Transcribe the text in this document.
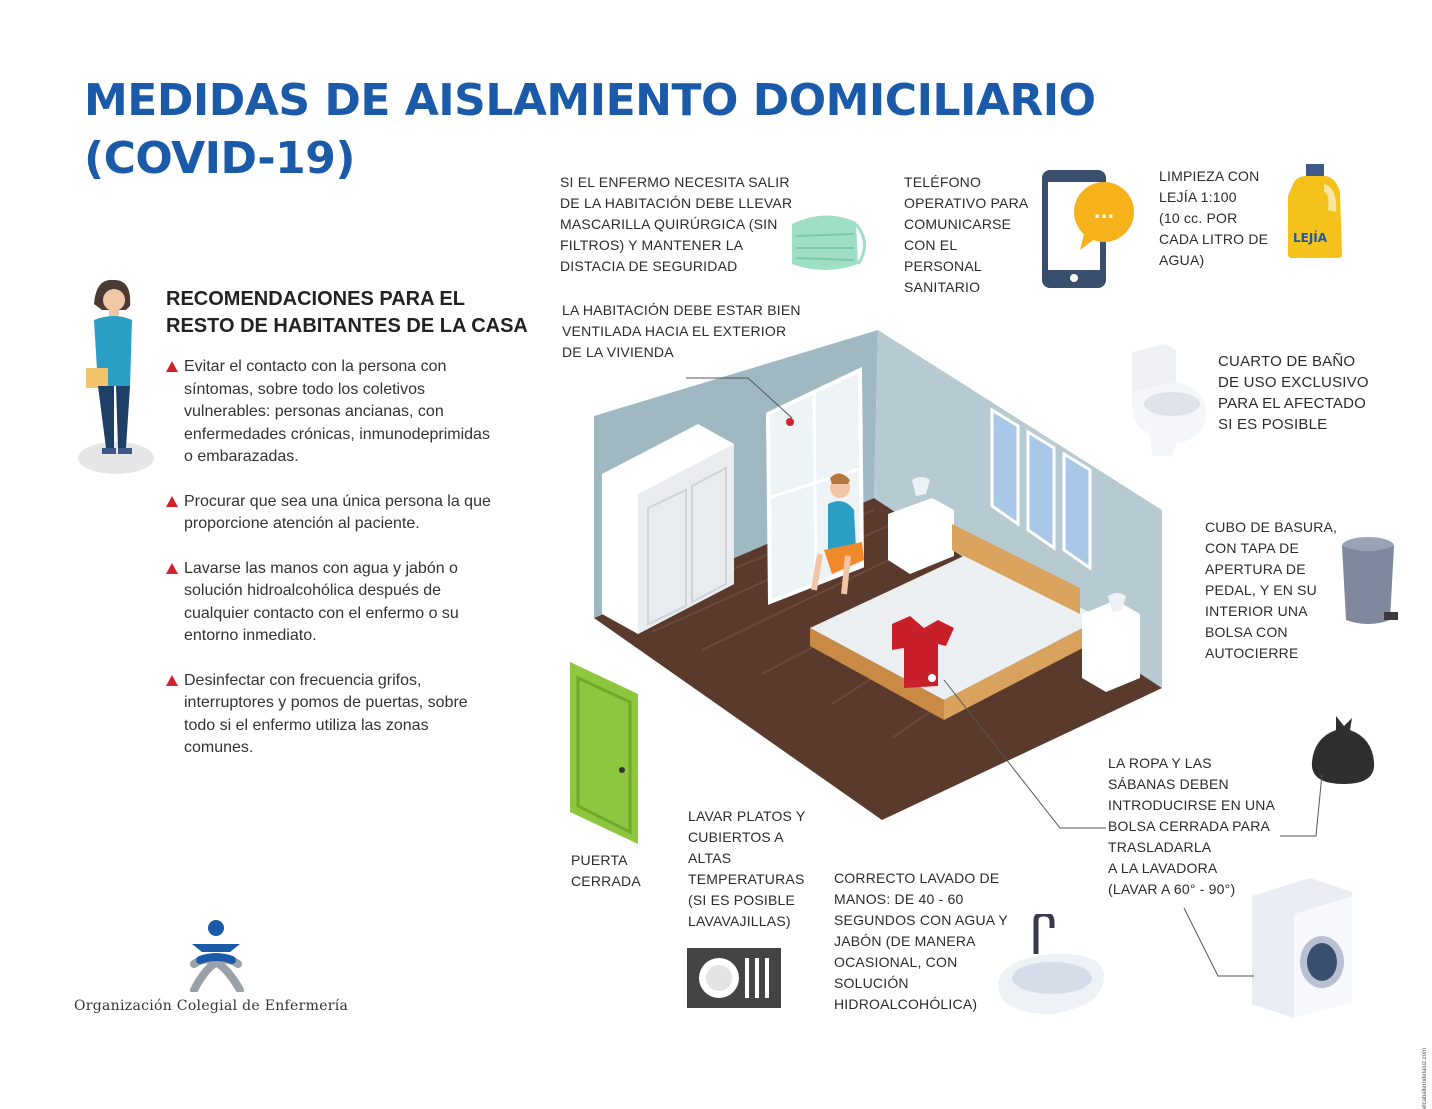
MEDIDAS DE AISLAMIENTO DOMICILIARIO
(COVID-19)
RECOMENDACIONES PARA EL
RESTO DE HABITANTES DE LA CASA
Evitar el contacto con la persona con síntomas, sobre todo los coletivos vulnerables: personas ancianas, con enfermedades crónicas, inmunodeprimidas o embarazadas.
Procurar que sea una única persona la que proporcione atención al paciente.
Lavarse las manos con agua y jabón o solución hidroalcohólica después de cualquier contacto con el enfermo o su entorno inmediato.
Desinfectar con frecuencia grifos, interruptores y pomos de puertas, sobre todo si el enfermo utiliza las zonas comunes.

SI EL ENFERMO NECESITA SALIR
DE LA HABITACIÓN DEBE LLEVAR
MASCARILLA QUIRÚRGICA (SIN
FILTROS) Y MANTENER LA
DISTACIA DE SEGURIDAD

TELÉFONO
OPERATIVO PARA
COMUNICARSE
CON EL
PERSONAL
SANITARIO

LIMPIEZA CON
LEJÍA 1:100
(10 cc. POR
CADA LITRO DE
AGUA)

LA HABITACIÓN DEBE ESTAR BIEN
VENTILADA HACIA EL EXTERIOR
DE LA VIVIENDA

CUARTO DE BAÑO
DE USO EXCLUSIVO
PARA EL AFECTADO
SI ES POSIBLE

CUBO DE BASURA,
CON TAPA DE
APERTURA DE
PEDAL, Y EN SU
INTERIOR UNA
BOLSA CON
AUTOCIERRE

LA ROPA Y LAS
SÁBANAS DEBEN
INTRODUCIRSE EN UNA
BOLSA CERRADA PARA
TRASLADARLA
A LA LAVADORA
(LAVAR A 60° - 90°)

PUERTA
CERRADA

LAVAR PLATOS Y
CUBIERTOS A
ALTAS
TEMPERATURAS
(SI ES POSIBLE
LAVAVAJILLAS)

CORRECTO LAVADO DE
MANOS: DE 40 - 60
SEGUNDOS CON AGUA Y
JABÓN (DE MANERA
OCASIONAL, CON
SOLUCIÓN
HIDROALCOHÓLICA)

...
LEJÍA
Organización Colegial de Enfermería
elcaballerodelaluz.com
